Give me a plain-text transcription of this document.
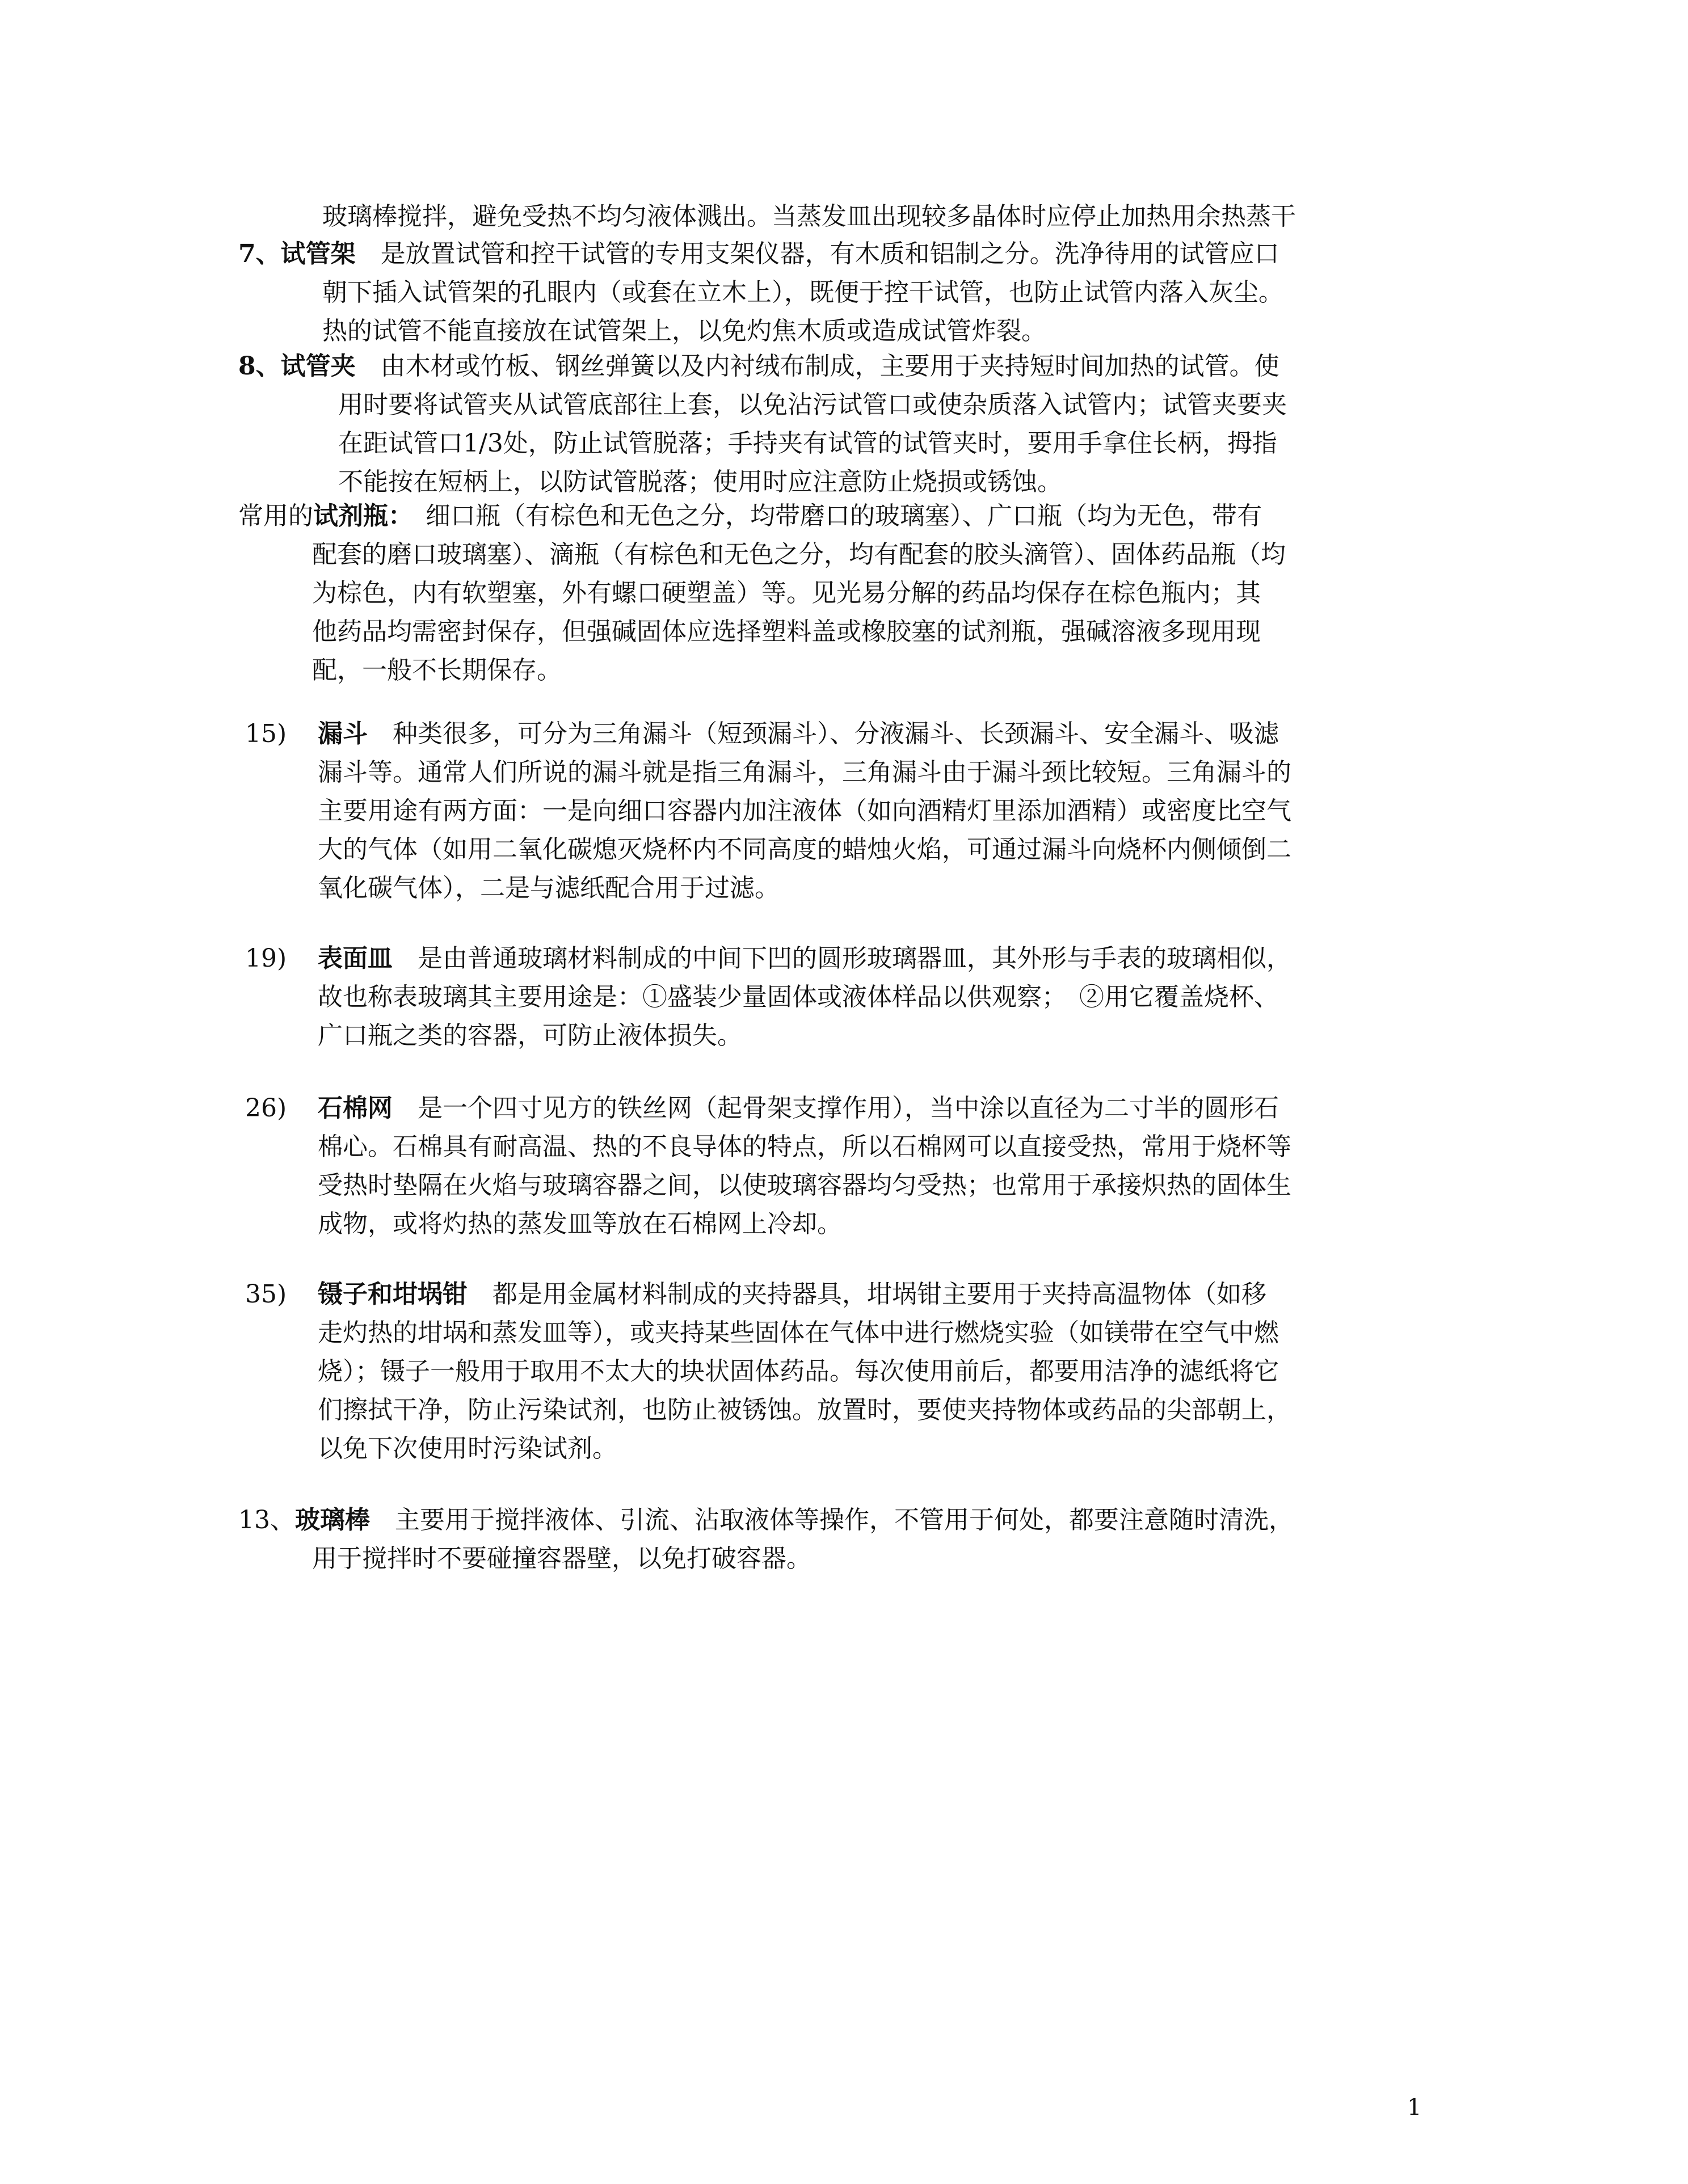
玻璃棒搅拌，避免受热不均匀液体溅出。当蒸发皿出现较多晶体时应停止加热用余热蒸干
7、试管架 是放置试管和控干试管的专用支架仪器，有木质和铝制之分。洗净待用的试管应口
朝下插入试管架的孔眼内（或套在立木上），既便于控干试管，也防止试管内落入灰尘。
热的试管不能直接放在试管架上，以免灼焦木质或造成试管炸裂。
8、试管夹 由木材或竹板、钢丝弹簧以及内衬绒布制成，主要用于夹持短时间加热的试管。使
用时要将试管夹从试管底部往上套，以免沾污试管口或使杂质落入试管内；试管夹要夹
在距试管口1/3处，防止试管脱落；手持夹有试管的试管夹时，要用手拿住长柄，拇指
不能按在短柄上，以防试管脱落；使用时应注意防止烧损或锈蚀。
常用的试剂瓶： 细口瓶（有棕色和无色之分，均带磨口的玻璃塞）、广口瓶（均为无色，带有
配套的磨口玻璃塞）、滴瓶（有棕色和无色之分，均有配套的胶头滴管）、固体药品瓶（均
为棕色，内有软塑塞，外有螺口硬塑盖）等。见光易分解的药品均保存在棕色瓶内；其
他药品均需密封保存，但强碱固体应选择塑料盖或橡胶塞的试剂瓶，强碱溶液多现用现
配，一般不长期保存。
15) 漏斗 种类很多，可分为三角漏斗（短颈漏斗）、分液漏斗、长颈漏斗、安全漏斗、吸滤
漏斗等。通常人们所说的漏斗就是指三角漏斗，三角漏斗由于漏斗颈比较短。三角漏斗的
主要用途有两方面：一是向细口容器内加注液体（如向酒精灯里添加酒精）或密度比空气
大的气体（如用二氧化碳熄灭烧杯内不同高度的蜡烛火焰，可通过漏斗向烧杯内侧倾倒二
氧化碳气体），二是与滤纸配合用于过滤。
19) 表面皿 是由普通玻璃材料制成的中间下凹的圆形玻璃器皿，其外形与手表的玻璃相似，
故也称表玻璃其主要用途是：①盛装少量固体或液体样品以供观察；　②用它覆盖烧杯、
广口瓶之类的容器，可防止液体损失。
26) 石棉网 是一个四寸见方的铁丝网（起骨架支撑作用），当中涂以直径为二寸半的圆形石
棉心。石棉具有耐高温、热的不良导体的特点，所以石棉网可以直接受热，常用于烧杯等
受热时垫隔在火焰与玻璃容器之间，以使玻璃容器均匀受热；也常用于承接炽热的固体生
成物，或将灼热的蒸发皿等放在石棉网上冷却。
35) 镊子和坩埚钳 都是用金属材料制成的夹持器具，坩埚钳主要用于夹持高温物体（如移
走灼热的坩埚和蒸发皿等），或夹持某些固体在气体中进行燃烧实验（如镁带在空气中燃
烧）；镊子一般用于取用不太大的块状固体药品。每次使用前后，都要用洁净的滤纸将它
们擦拭干净，防止污染试剂，也防止被锈蚀。放置时，要使夹持物体或药品的尖部朝上，
以免下次使用时污染试剂。
13、玻璃棒 主要用于搅拌液体、引流、沾取液体等操作，不管用于何处，都要注意随时清洗，
用于搅拌时不要碰撞容器壁，以免打破容器。
1
